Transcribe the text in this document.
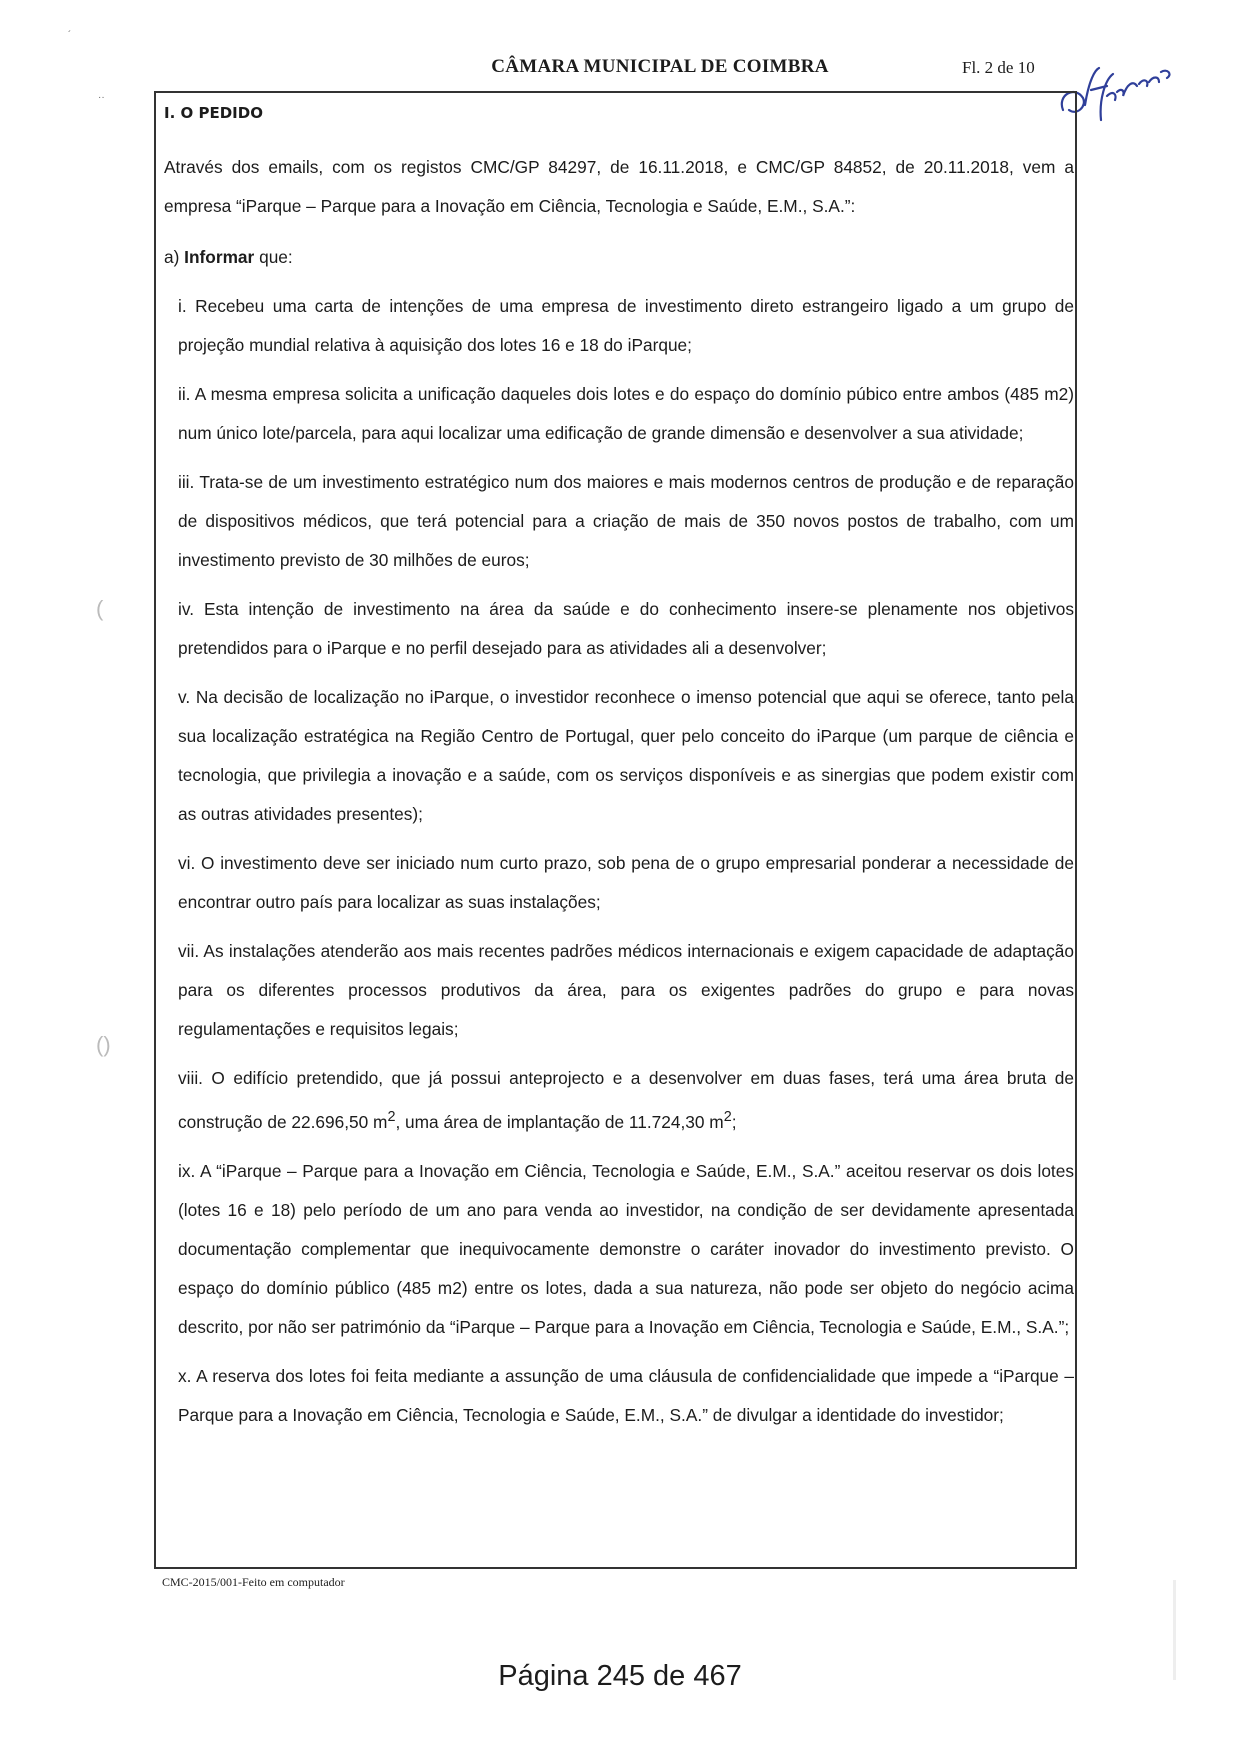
CÂMARA MUNICIPAL DE COIMBRA	Fl. 2 de 10
´
··
(
()
I. O PEDIDO

Através dos emails, com os registos CMC/GP 84297, de 16.11.2018, e CMC/GP 84852, de 20.11.2018, vem a empresa “iParque – Parque para a Inovação em Ciência, Tecnologia e Saúde, E.M., S.A.”:

a) Informar que:

i. Recebeu uma carta de intenções de uma empresa de investimento direto estrangeiro ligado a um grupo de projeção mundial relativa à aquisição dos lotes 16 e 18 do iParque;

ii. A mesma empresa solicita a unificação daqueles dois lotes e do espaço do domínio púbico entre ambos (485 m2) num único lote/parcela, para aqui localizar uma edificação de grande dimensão e desenvolver a sua atividade;

iii. Trata-se de um investimento estratégico num dos maiores e mais modernos centros de produção e de reparação de dispositivos médicos, que terá potencial para a criação de mais de 350 novos postos de trabalho, com um investimento previsto de 30 milhões de euros;

iv. Esta intenção de investimento na área da saúde e do conhecimento insere-se plenamente nos objetivos pretendidos para o iParque e no perfil desejado para as atividades ali a desenvolver;

v. Na decisão de localização no iParque, o investidor reconhece o imenso potencial que aqui se oferece, tanto pela sua localização estratégica na Região Centro de Portugal, quer pelo conceito do iParque (um parque de ciência e tecnologia, que privilegia a inovação e a saúde, com os serviços disponíveis e as sinergias que podem existir com as outras atividades presentes);

vi. O investimento deve ser iniciado num curto prazo, sob pena de o grupo empresarial ponderar a necessidade de encontrar outro país para localizar as suas instalações;

vii. As instalações atenderão aos mais recentes padrões médicos internacionais e exigem capacidade de adaptação para os diferentes processos produtivos da área, para os exigentes padrões do grupo e para novas regulamentações e requisitos legais;

viii. O edifício pretendido, que já possui anteprojecto e a desenvolver em duas fases, terá uma área bruta de construção de 22.696,50 $m^2$, uma área de implantação de 11.724,30 $m^2$;

ix. A “iParque – Parque para a Inovação em Ciência, Tecnologia e Saúde, E.M., S.A.” aceitou reservar os dois lotes (lotes 16 e 18) pelo período de um ano para venda ao investidor, na condição de ser devidamente apresentada documentação complementar que inequivocamente demonstre o caráter inovador do investimento previsto. O espaço do domínio público (485 m2) entre os lotes, dada a sua natureza, não pode ser objeto do negócio acima descrito, por não ser património da “iParque – Parque para a Inovação em Ciência, Tecnologia e Saúde, E.M., S.A.”;

x. A reserva dos lotes foi feita mediante a assunção de uma cláusula de confidencialidade que impede a “iParque – Parque para a Inovação em Ciência, Tecnologia e Saúde, E.M., S.A.” de divulgar a identidade do investidor;

CMC-2015/001-Feito em computador
Página 245 de 467
